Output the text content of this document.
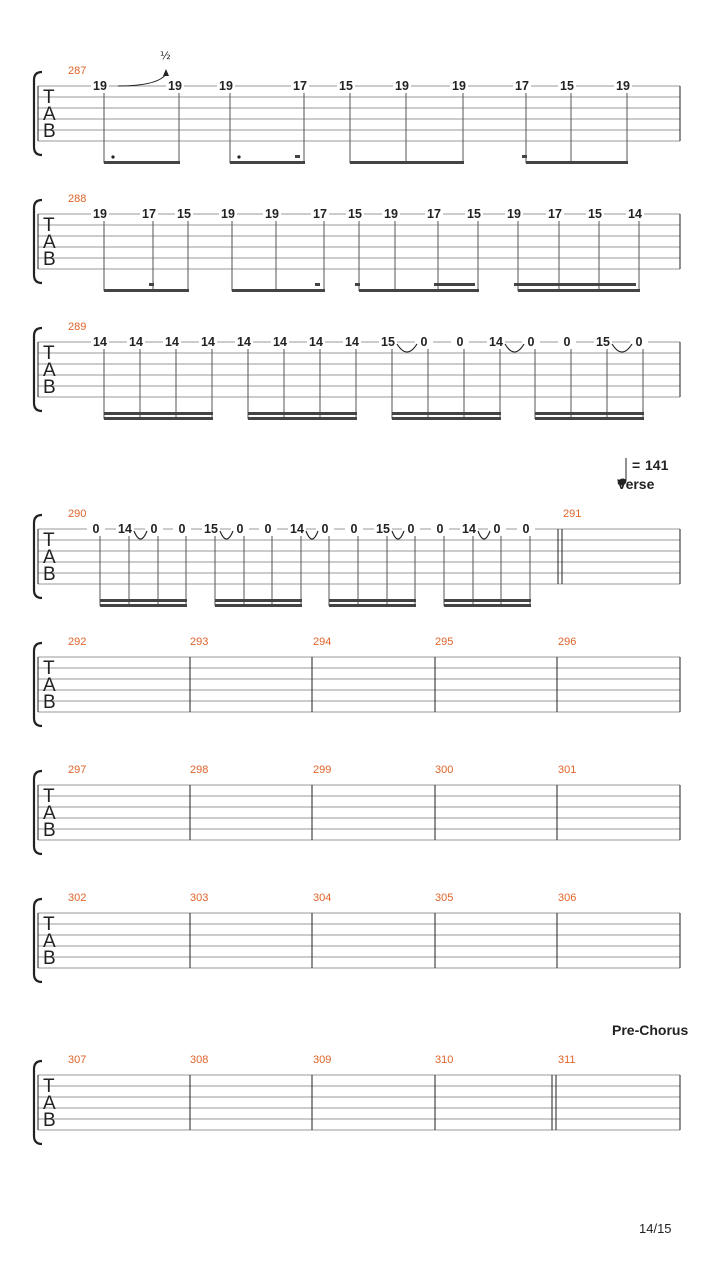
287
288
289
290	291
292	293	294	295	296
297	298	299	300	301
302	303	304	305	306
307	308	309	310	311
½
= 141
Verse
Pre-Chorus
T
A
B
T
A
B
T
A
B
T
A
B
T
A
B
T
A
B
T
A
B
T
A
B
19	19	19	17	15	19	19	17 15	19
19	17 15 19 19	17 15 19 17 15 19 17 15 14
14 14 14 14 14 14 14 14 15 0 0 14 0 0 15 0
0 14 0 0 15 0 0 14 0 0 15 0 0 14 0 0
14/15
